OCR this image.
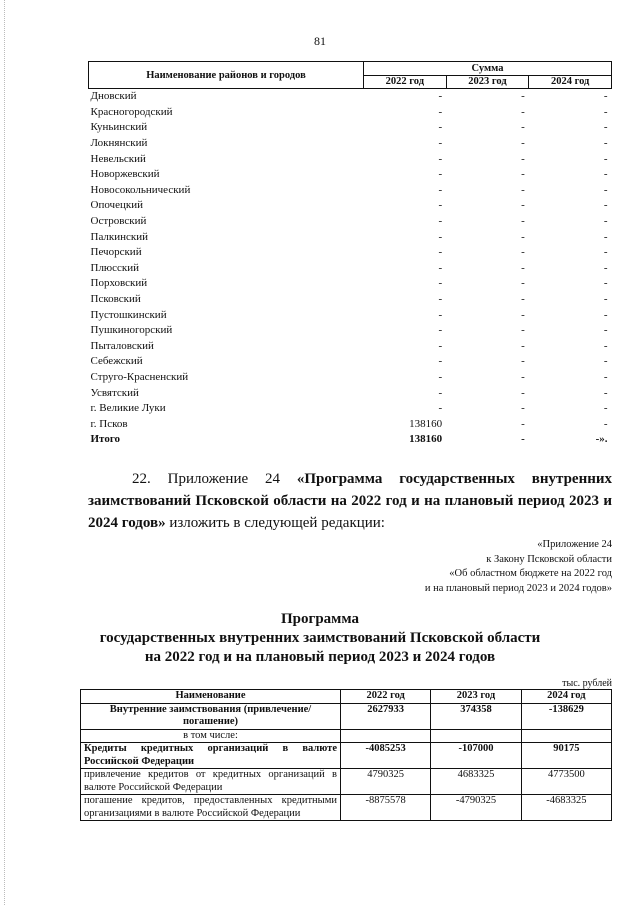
81
Наименование районов и городов	Сумма		
	2022 год	2023 год	2024 год
Дновский	-	-	-
Красногородский	-	-	-
Куньинский	-	-	-
Локнянский	-	-	-
Невельский	-	-	-
Новоржевский	-	-	-
Новосокольнический	-	-	-
Опочецкий	-	-	-
Островский	-	-	-
Палкинский	-	-	-
Печорский	-	-	-
Плюсский	-	-	-
Порховский	-	-	-
Псковский	-	-	-
Пустошкинский	-	-	-
Пушкиногорский	-	-	-
Пыталовский	-	-	-
Себежский	-	-	-
Струго-Красненский	-	-	-
Усвятский	-	-	-
г. Великие Луки	-	-	-
г. Псков	138160	-	-
Итого	138160	-	-».
22. Приложение 24 «Программа государственных внутренних заимствований Псковской области на 2022 год и на плановый период 2023 и 2024 годов» изложить в следующей редакции:
«Приложение 24
к Закону Псковской области
«Об областном бюджете на 2022 год
и на плановый период 2023 и 2024 годов»
Программа
государственных внутренних заимствований Псковской области
на 2022 год и на плановый период 2023 и 2024 годов
тыс. рублей
Наименование	2022 год	2023 год	2024 год
Внутренние заимствования (привлечение/погашение)	2627933	374358	-138629
в том числе:			
Кредиты кредитных организаций в валюте Российской Федерации	-4085253	-107000	90175
привлечение кредитов от кредитных организаций в валюте Российской Федерации	4790325	4683325	4773500
погашение кредитов, предоставленных кредитными организациями в валюте Российской Федерации	-8875578	-4790325	-4683325
